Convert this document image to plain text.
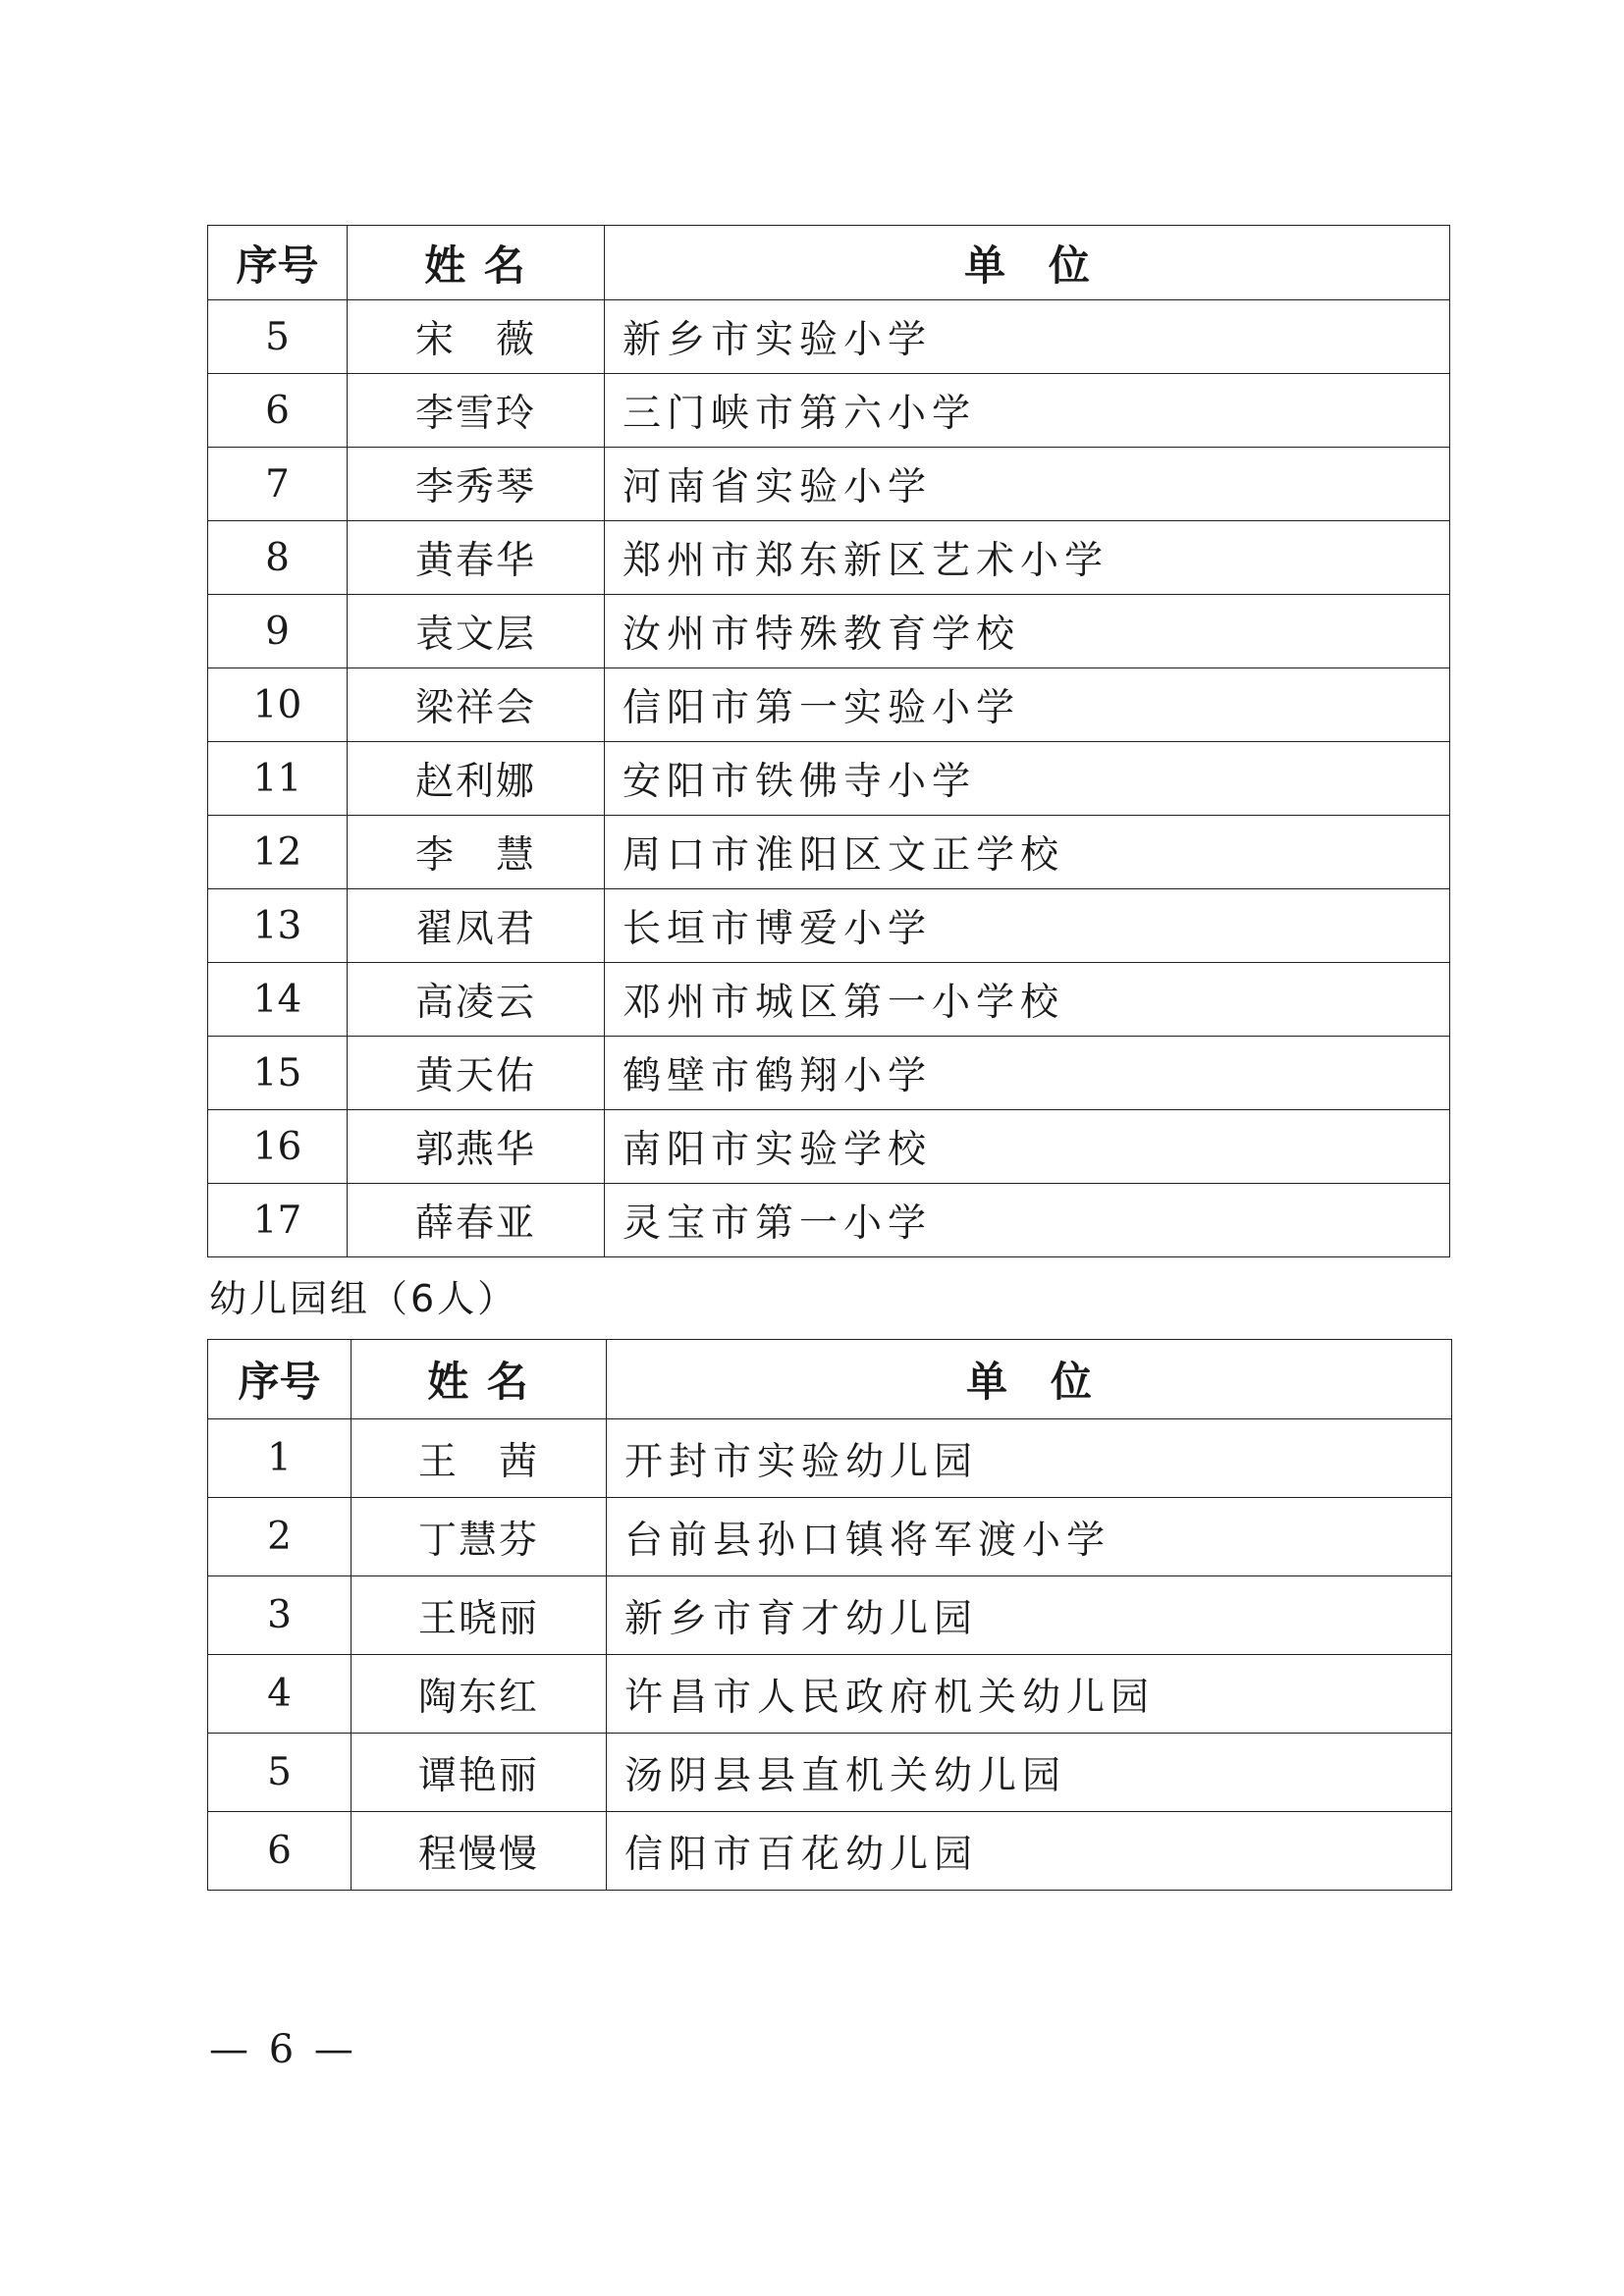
序号	姓 名	单   位
5	宋　薇	新乡市实验小学
6	李雪玲	三门峡市第六小学
7	李秀琴	河南省实验小学
8	黄春华	郑州市郑东新区艺术小学
9	袁文层	汝州市特殊教育学校
10	梁祥会	信阳市第一实验小学
11	赵利娜	安阳市铁佛寺小学
12	李　慧	周口市淮阳区文正学校
13	翟凤君	长垣市博爱小学
14	高凌云	邓州市城区第一小学校
15	黄天佑	鹤壁市鹤翔小学
16	郭燕华	南阳市实验学校
17	薛春亚	灵宝市第一小学

幼儿园组（6人）

序号	姓 名	单   位
1	王　茜	开封市实验幼儿园
2	丁慧芬	台前县孙口镇将军渡小学
3	王晓丽	新乡市育才幼儿园
4	陶东红	许昌市人民政府机关幼儿园
5	谭艳丽	汤阴县县直机关幼儿园
6	程慢慢	信阳市百花幼儿园
— 6 —
